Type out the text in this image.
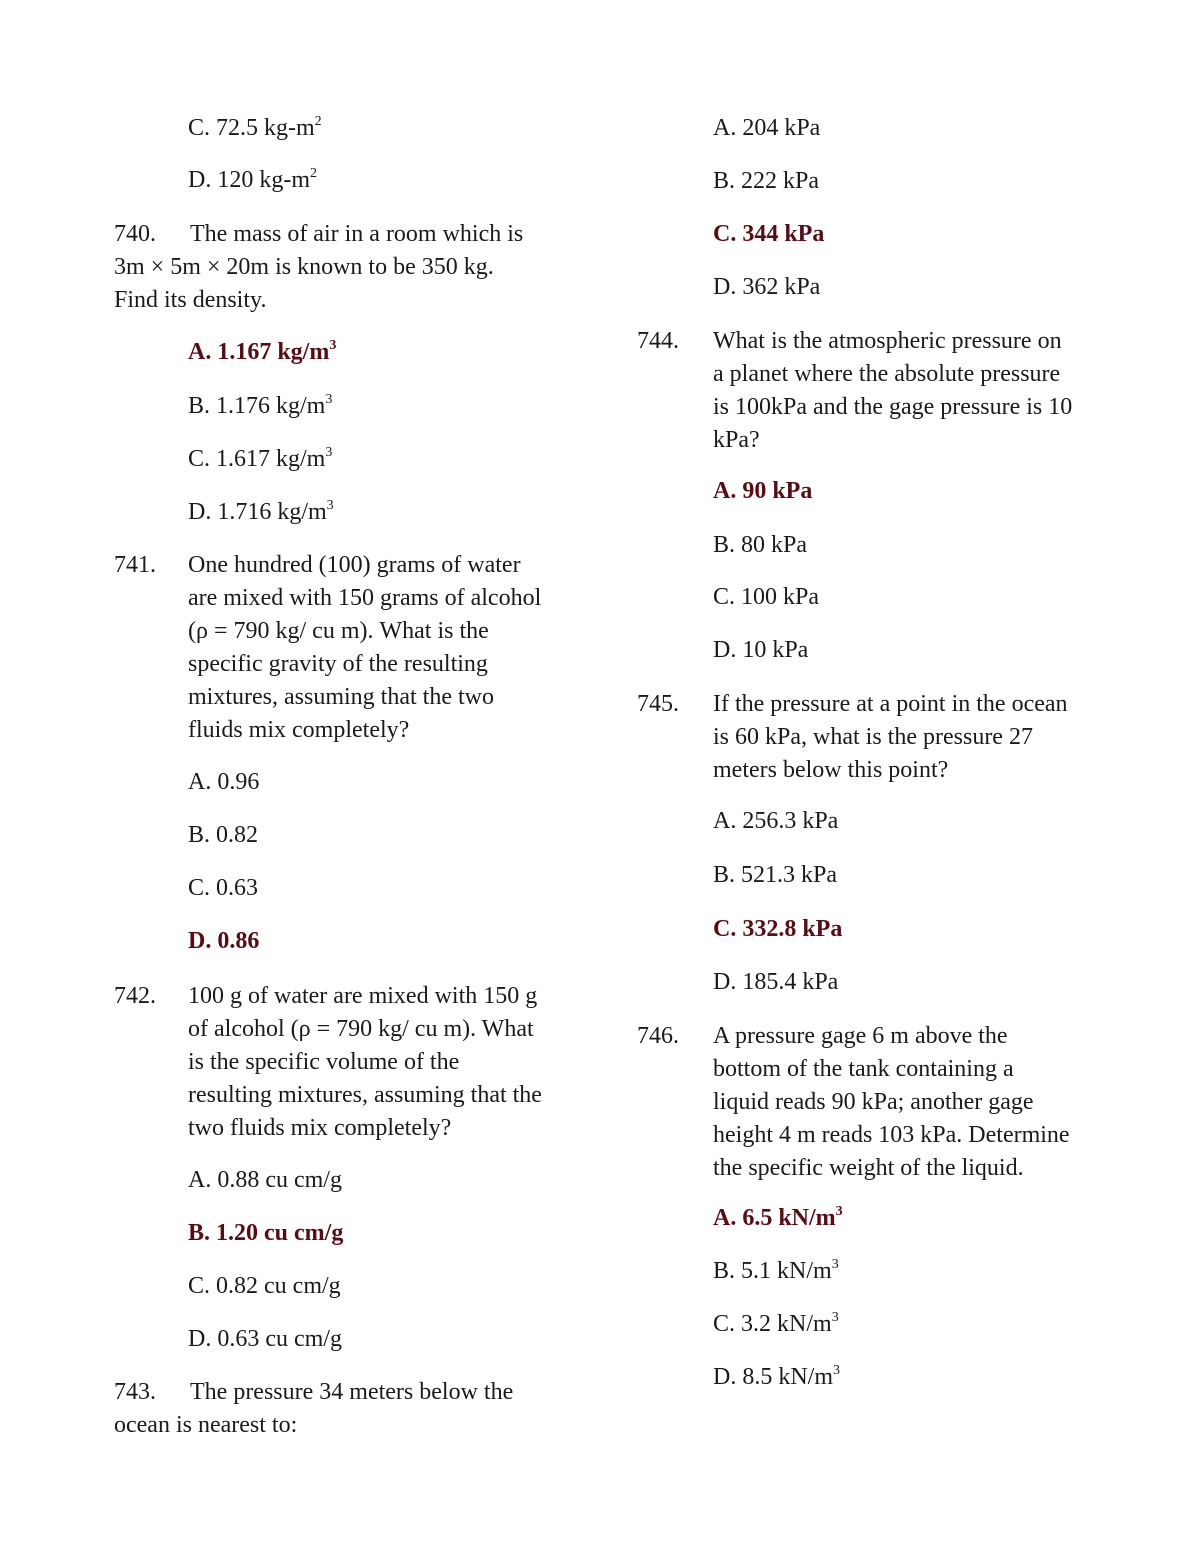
C. 72.5 $kg-m^2$
D. 120 $kg-m^2$
740. The mass of air in a room which is
3m × 5m × 20m is known to be 350 kg.
Find its density.
A. 1.167 $kg/m^3$
B. 1.176 $kg/m^3$
C. 1.617 $kg/m^3$
D. 1.716 $kg/m^3$
741. One hundred (100) grams of water
are mixed with 150 grams of alcohol
(ρ = 790 kg/ cu m). What is the
specific gravity of the resulting
mixtures, assuming that the two
fluids mix completely?
A. 0.96
B. 0.82
C. 0.63
D. 0.86
742. 100 g of water are mixed with 150 g
of alcohol (ρ = 790 kg/ cu m). What
is the specific volume of the
resulting mixtures, assuming that the
two fluids mix completely?
A. 0.88 cu cm/g
B. 1.20 cu cm/g
C. 0.82 cu cm/g
D. 0.63 cu cm/g
743. The pressure 34 meters below the
ocean is nearest to:
A. 204 kPa
B. 222 kPa
C. 344 kPa
D. 362 kPa
744. What is the atmospheric pressure on
a planet where the absolute pressure
is 100kPa and the gage pressure is 10
kPa?
A. 90 kPa
B. 80 kPa
C. 100 kPa
D. 10 kPa
745. If the pressure at a point in the ocean
is 60 kPa, what is the pressure 27
meters below this point?
A. 256.3 kPa
B. 521.3 kPa
C. 332.8 kPa
D. 185.4 kPa
746. A pressure gage 6 m above the
bottom of the tank containing a
liquid reads 90 kPa; another gage
height 4 m reads 103 kPa. Determine
the specific weight of the liquid.
A. 6.5 $kN/m^3$
B. 5.1 $kN/m^3$
C. 3.2 $kN/m^3$
D. 8.5 $kN/m^3$
